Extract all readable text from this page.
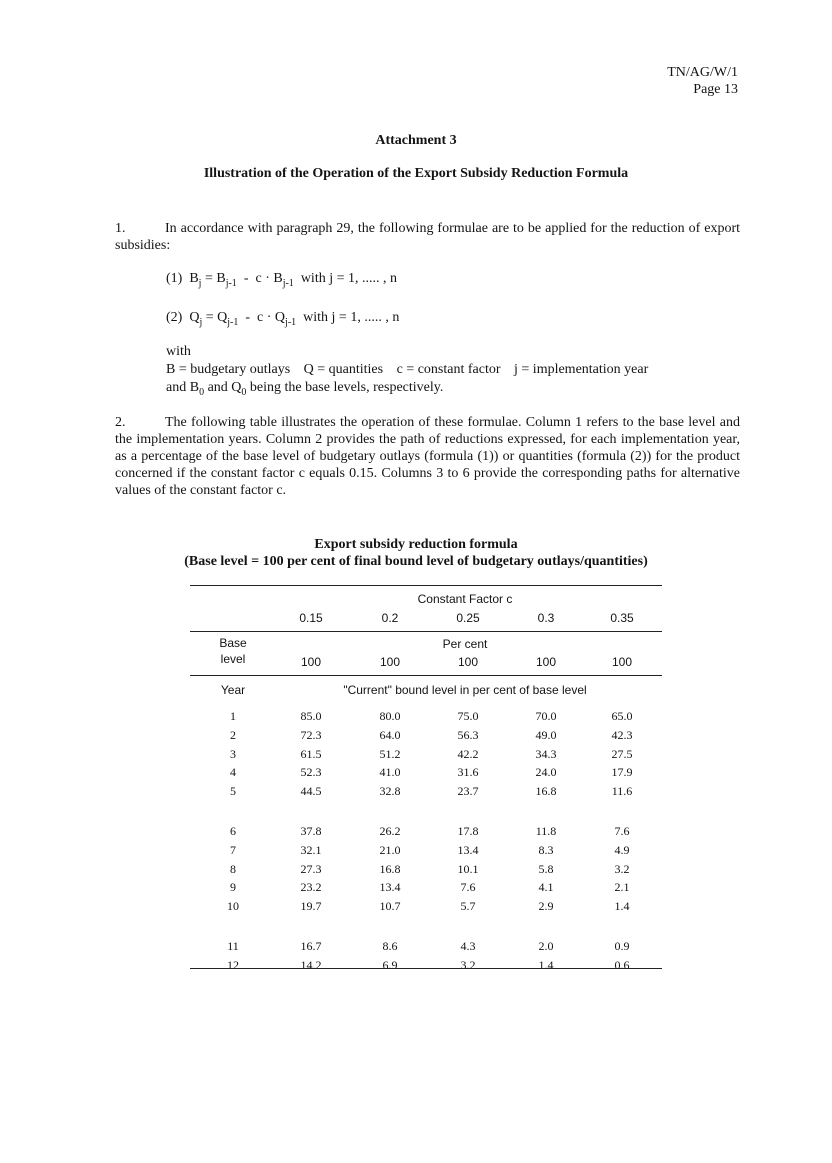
TN/AG/W/1
Page 13
Attachment 3
Illustration of the Operation of the Export Subsidy Reduction Formula
1.	In accordance with paragraph 29, the following formulae are to be applied for the reduction of export subsidies:
(1) $B_j = B_{j-1} - c \cdot B_{j-1}$ with j = 1, ..... , n
(2) $Q_j = Q_{j-1} - c \cdot Q_{j-1}$ with j = 1, ..... , n
with
B = budgetary outlays Q = quantities c = constant factor j = implementation year
and $B_0$ and $Q_0$ being the base levels, respectively.
2.	The following table illustrates the operation of these formulae. Column 1 refers to the base level and the implementation years. Column 2 provides the path of reductions expressed, for each implementation year, as a percentage of the base level of budgetary outlays (formula (1)) or quantities (formula (2)) for the product concerned if the constant factor c equals 0.15. Columns 3 to 6 provide the corresponding paths for alternative values of the constant factor c.
Export subsidy reduction formula
(Base level = 100 per cent of final bound level of budgetary outlays/quantities)
Constant Factor c
0.15	0.2	0.25	0.3	0.35
Base
level
Per cent
100	100	100	100	100
Year	"Current" bound level in per cent of base level
1	85.0	80.0	75.0	70.0	65.0
2	72.3	64.0	56.3	49.0	42.3
3	61.5	51.2	42.2	34.3	27.5
4	52.3	41.0	31.6	24.0	17.9
5	44.5	32.8	23.7	16.8	11.6
6	37.8	26.2	17.8	11.8	7.6
7	32.1	21.0	13.4	8.3	4.9
8	27.3	16.8	10.1	5.8	3.2
9	23.2	13.4	7.6	4.1	2.1
10	19.7	10.7	5.7	2.9	1.4
11	16.7	8.6	4.3	2.0	0.9
12	14.2	6.9	3.2	1.4	0.6
